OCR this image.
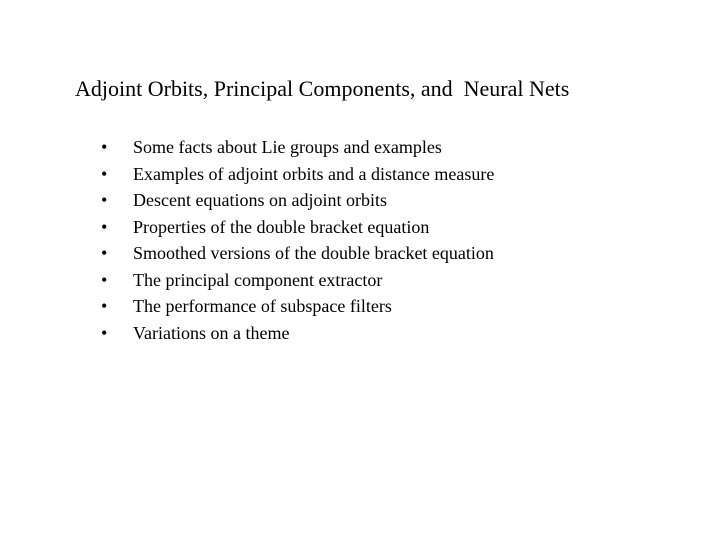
Adjoint Orbits, Principal Components, and  Neural Nets
•	Some facts about Lie groups and examples
•	Examples of adjoint orbits and a distance measure
•	Descent equations on adjoint orbits
•	Properties of the double bracket equation
•	Smoothed versions of the double bracket equation
•	The principal component extractor
•	The performance of subspace filters
•	Variations on a theme
